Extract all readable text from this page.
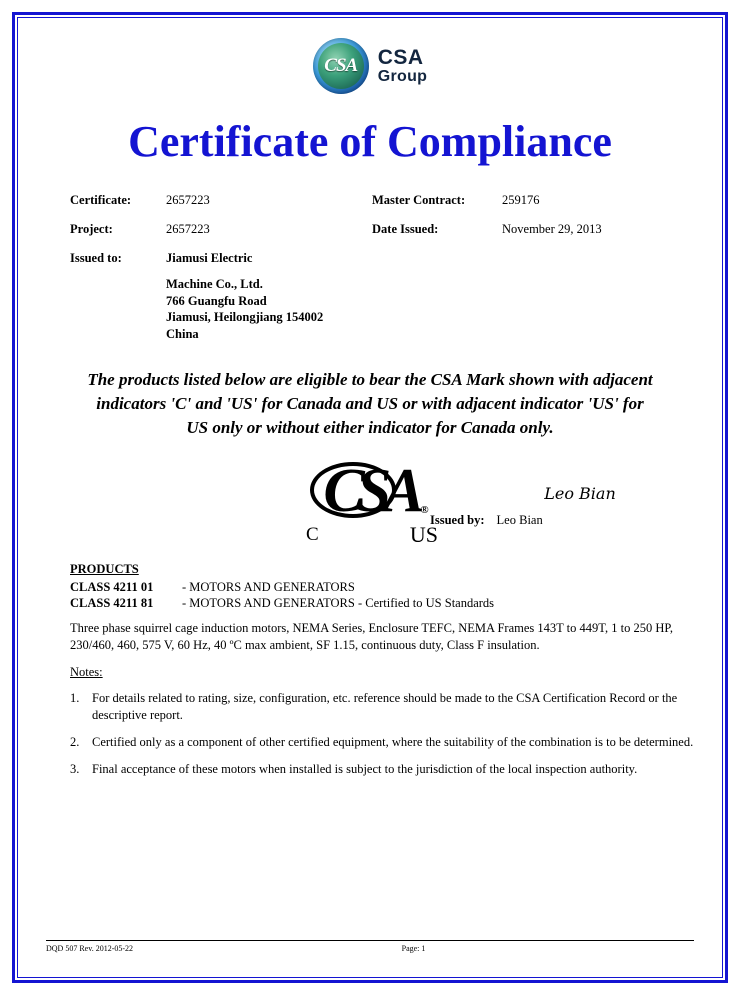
CSA CSA
Group
Certificate of Compliance
Certificate:	2657223	Master Contract:	259176
Project:	2657223	Date Issued:	November 29, 2013
Issued to:	Jiamusi Electric
Machine Co., Ltd.
766 Guangfu Road
Jiamusi, Heilongjiang 154002
China
The products listed below are eligible to bear the CSA Mark shown with adjacent indicators 'C' and 'US' for Canada and US or with adjacent indicator 'US' for US only or without either indicator for Canada only.
CSA ®
C	US
Leo Bian
Issued by: Leo Bian
PRODUCTS
CLASS 4211 01	- MOTORS AND GENERATORS
CLASS 4211 81	- MOTORS AND GENERATORS - Certified to US Standards
Three phase squirrel cage induction motors, NEMA Series, Enclosure TEFC, NEMA Frames 143T to 449T, 1 to 250 HP, 230/460, 460, 575 V, 60 Hz, 40 ºC max ambient, SF 1.15, continuous duty, Class F insulation.
Notes:
1.	For details related to rating, size, configuration, etc. reference should be made to the CSA Certification Record or the descriptive report.
2.	Certified only as a component of other certified equipment, where the suitability of the combination is to be determined.
3.	Final acceptance of these motors when installed is subject to the jurisdiction of the local inspection authority.
DQD 507 Rev. 2012-05-22	Page: 1
